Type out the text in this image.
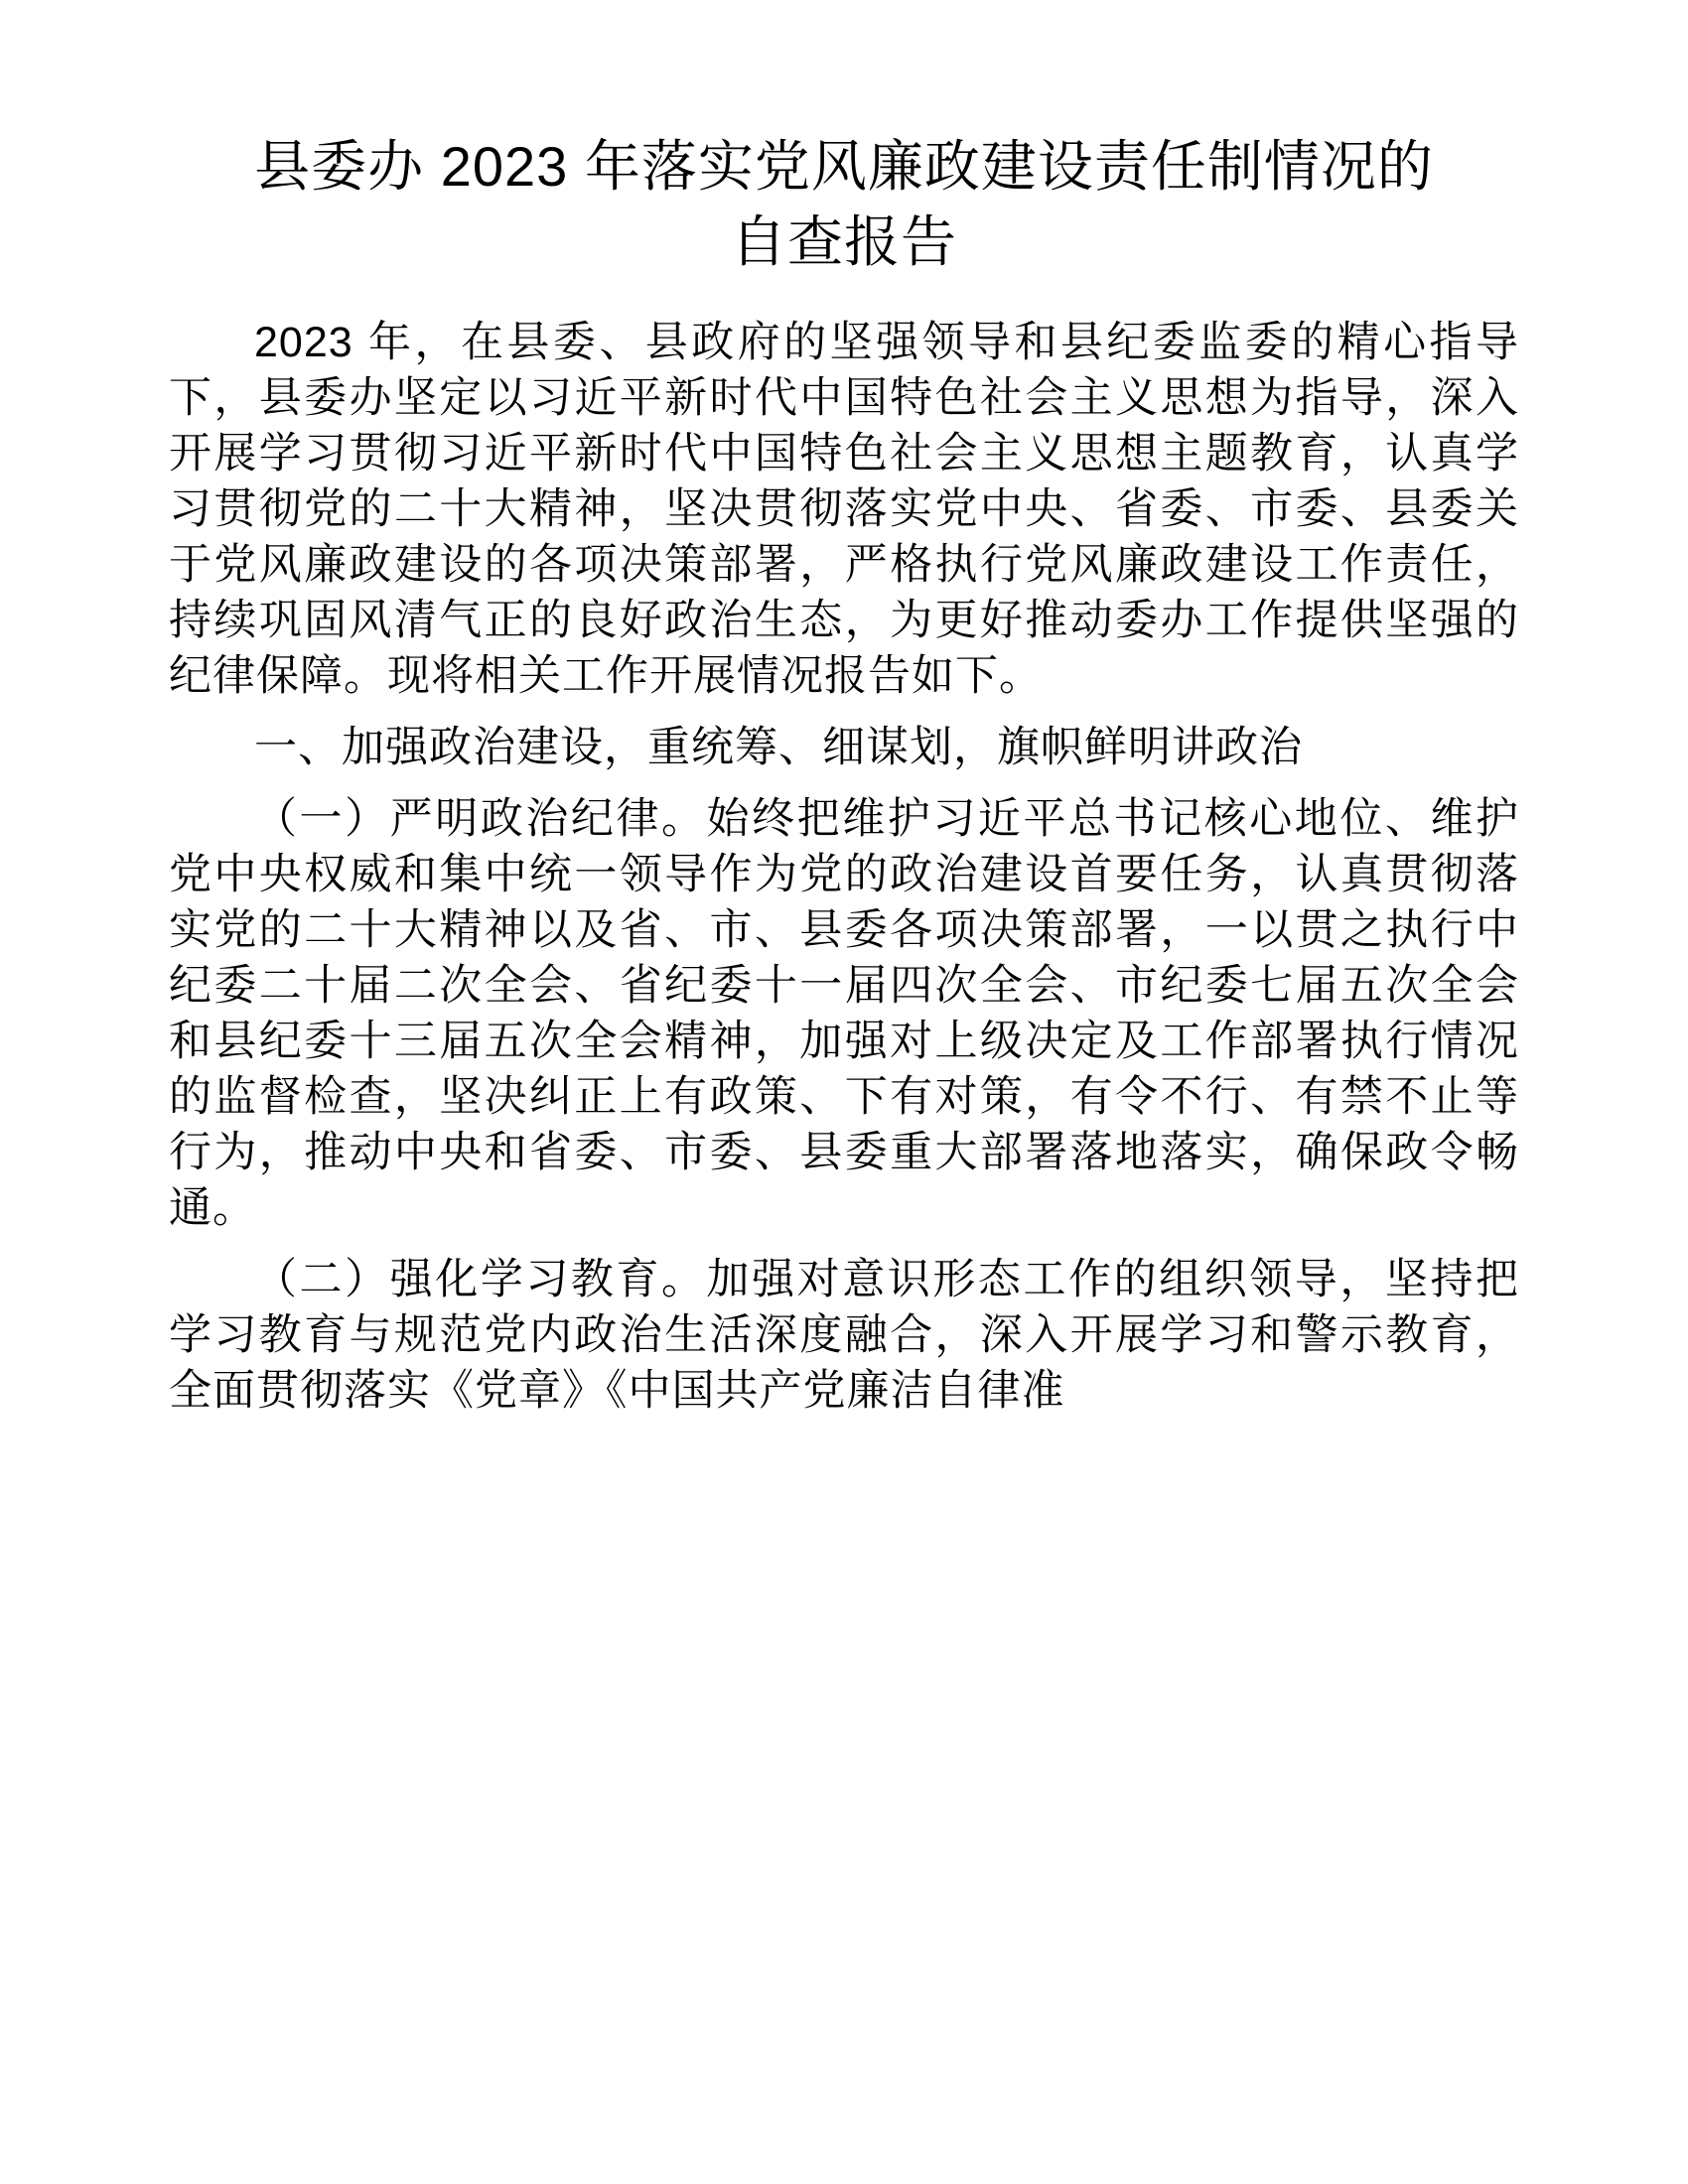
县委办 2023 年落实党风廉政建设责任制情况的自查报告
2023 年，在县委、县政府的坚强领导和县纪委监委的精心指导下，县委办坚定以习近平新时代中国特色社会主义思想为指导，深入开展学习贯彻习近平新时代中国特色社会主义思想主题教育，认真学习贯彻党的二十大精神，坚决贯彻落实党中央、省委、市委、县委关于党风廉政建设的各项决策部署，严格执行党风廉政建设工作责任，持续巩固风清气正的良好政治生态，为更好推动委办工作提供坚强的纪律保障。现将相关工作开展情况报告如下。
一、加强政治建设，重统筹、细谋划，旗帜鲜明讲政治
（一）严明政治纪律。始终把维护习近平总书记核心地位、维护党中央权威和集中统一领导作为党的政治建设首要任务，认真贯彻落实党的二十大精神以及省、市、县委各项决策部署，一以贯之执行中纪委二十届二次全会、省纪委十一届四次全会、市纪委七届五次全会和县纪委十三届五次全会精神，加强对上级决定及工作部署执行情况的监督检查，坚决纠正上有政策、下有对策，有令不行、有禁不止等行为，推动中央和省委、市委、县委重大部署落地落实，确保政令畅通。
（二）强化学习教育。加强对意识形态工作的组织领导，坚持把学习教育与规范党内政治生活深度融合，深入开展学习和警示教育，全面贯彻落实《党章》《中国共产党廉洁自律准
